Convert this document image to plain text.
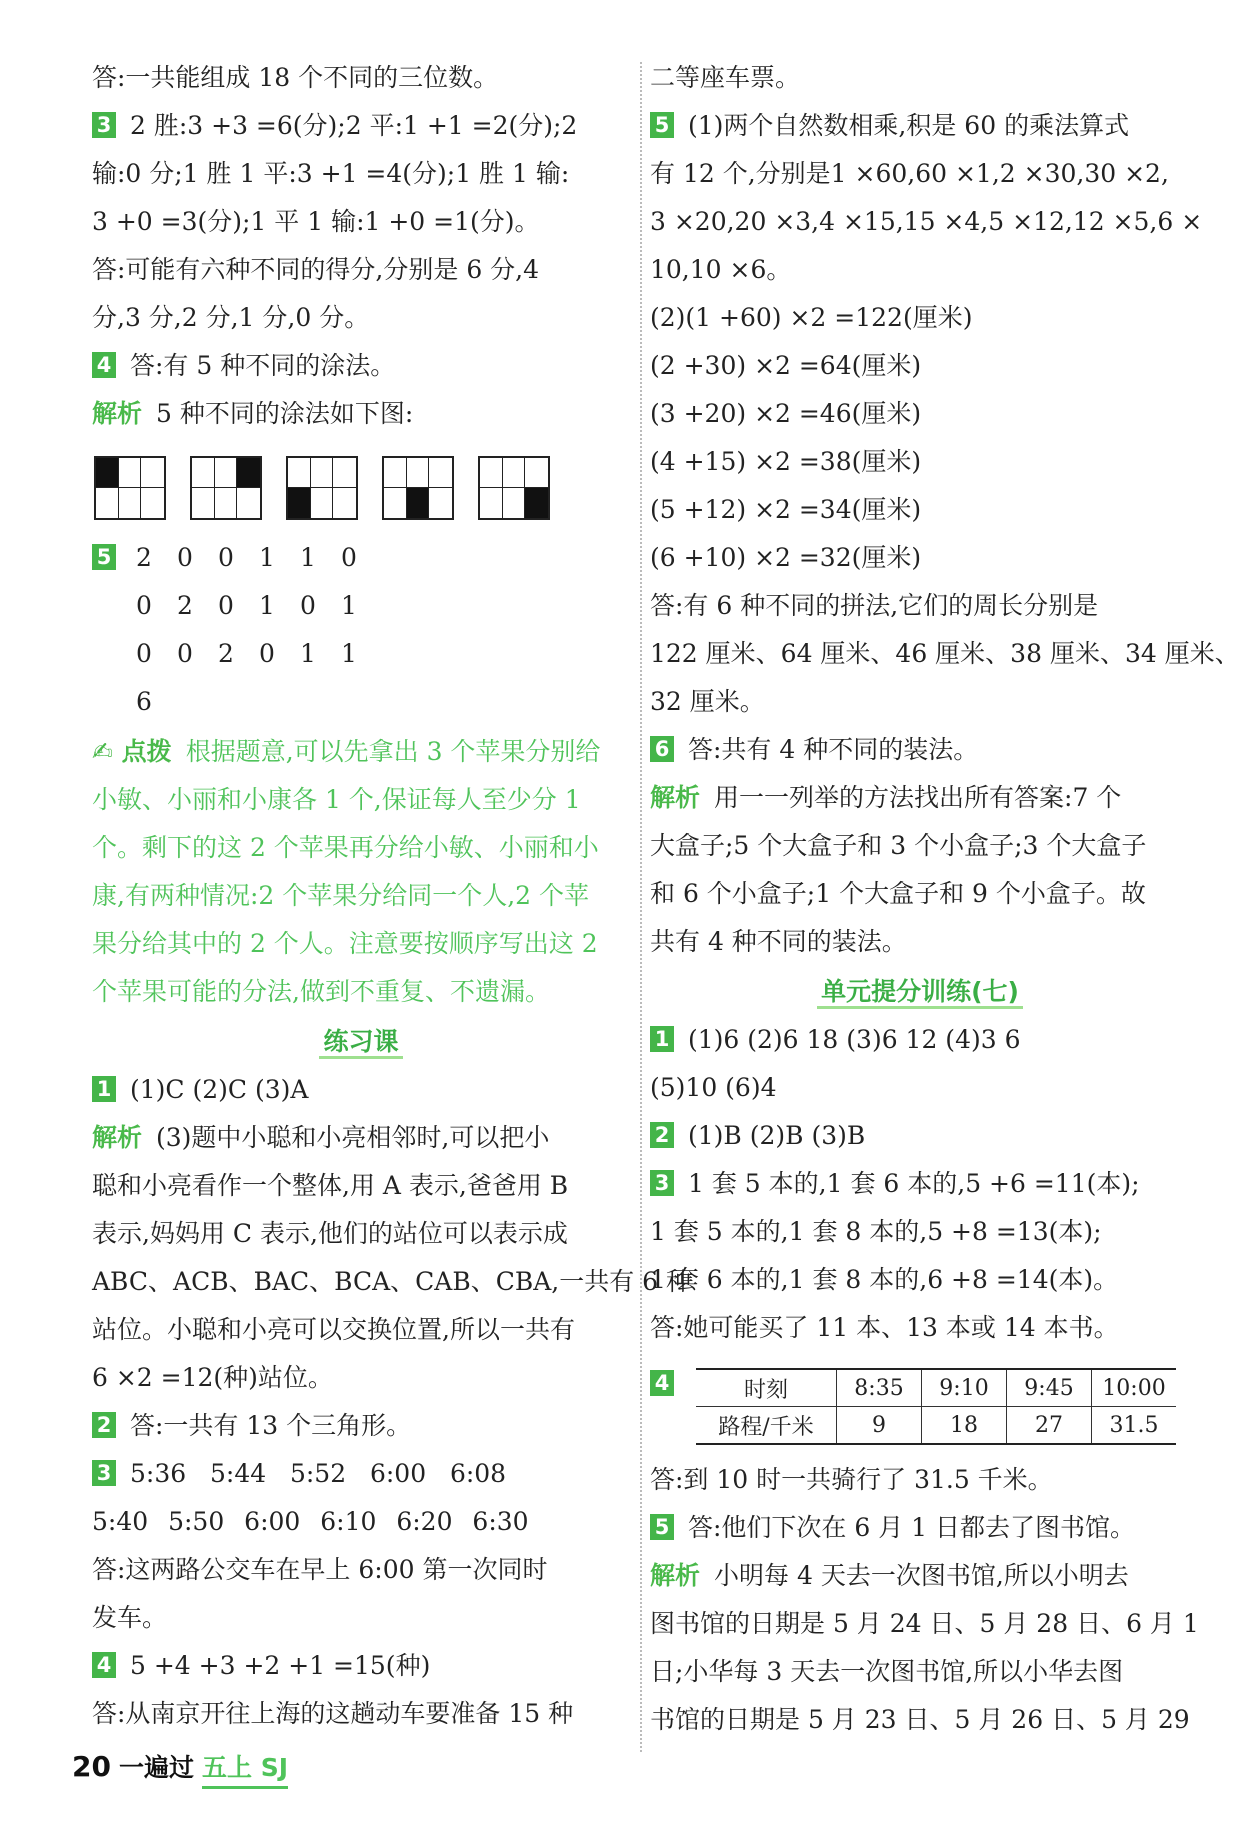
答:一共能组成 18 个不同的三位数。
3 2 胜:3 +3 =6(分);2 平:1 +1 =2(分);2
输:0 分;1 胜 1 平:3 +1 =4(分);1 胜 1 输:
3 +0 =3(分);1 平 1 输:1 +0 =1(分)。
答:可能有六种不同的得分,分别是 6 分,4
分,3 分,2 分,1 分,0 分。
4 答:有 5 种不同的涂法。
解析 5 种不同的涂法如下图:
5 2	0	0	1	1	0
0	2	0	1	0	1
0	0	2	0	1	1
6
✍ 点拨 根据题意,可以先拿出 3 个苹果分别给
小敏、小丽和小康各 1 个,保证每人至少分 1
个。剩下的这 2 个苹果再分给小敏、小丽和小
康,有两种情况:2 个苹果分给同一个人,2 个苹
果分给其中的 2 个人。注意要按顺序写出这 2
个苹果可能的分法,做到不重复、不遗漏。
练习课
1 (1)C (2)C (3)A
解析 (3)题中小聪和小亮相邻时,可以把小
聪和小亮看作一个整体,用 A 表示,爸爸用 B
表示,妈妈用 C 表示,他们的站位可以表示成
ABC、ACB、BAC、BCA、CAB、CBA,一共有 6 种
站位。小聪和小亮可以交换位置,所以一共有
6 ×2 =12(种)站位。
2 答:一共有 13 个三角形。
3 5:36 5:44 5:52 6:00 6:08
5:40 5:50 6:00 6:10 6:20 6:30
答:这两路公交车在早上 6:00 第一次同时
发车。
4 5 +4 +3 +2 +1 =15(种)
答:从南京开往上海的这趟动车要准备 15 种
二等座车票。
5 (1)两个自然数相乘,积是 60 的乘法算式
有 12 个,分别是1 ×60,60 ×1,2 ×30,30 ×2,
3 ×20,20 ×3,4 ×15,15 ×4,5 ×12,12 ×5,6 ×
10,10 ×6。
(2)(1 +60) ×2 =122(厘米)
(2 +30) ×2 =64(厘米)
(3 +20) ×2 =46(厘米)
(4 +15) ×2 =38(厘米)
(5 +12) ×2 =34(厘米)
(6 +10) ×2 =32(厘米)
答:有 6 种不同的拼法,它们的周长分别是
122 厘米、64 厘米、46 厘米、38 厘米、34 厘米、
32 厘米。
6 答:共有 4 种不同的装法。
解析 用一一列举的方法找出所有答案:7 个
大盒子;5 个大盒子和 3 个小盒子;3 个大盒子
和 6 个小盒子;1 个大盒子和 9 个小盒子。故
共有 4 种不同的装法。
单元提分训练(七)
1 (1)6 (2)6 18 (3)6 12 (4)3 6
(5)10 (6)4
2 (1)B (2)B (3)B
3 1 套 5 本的,1 套 6 本的,5 +6 =11(本);
1 套 5 本的,1 套 8 本的,5 +8 =13(本);
1 套 6 本的,1 套 8 本的,6 +8 =14(本)。
答:她可能买了 11 本、13 本或 14 本书。
4	时刻	8:35	9:10	9:45	10:00
路程/千米	9	18	27	31.5
答:到 10 时一共骑行了 31.5 千米。
5 答:他们下次在 6 月 1 日都去了图书馆。
解析 小明每 4 天去一次图书馆,所以小明去
图书馆的日期是 5 月 24 日、5 月 28 日、6 月 1
日;小华每 3 天去一次图书馆,所以小华去图
书馆的日期是 5 月 23 日、5 月 26 日、5 月 29
20 一遍过 五上 SJ
